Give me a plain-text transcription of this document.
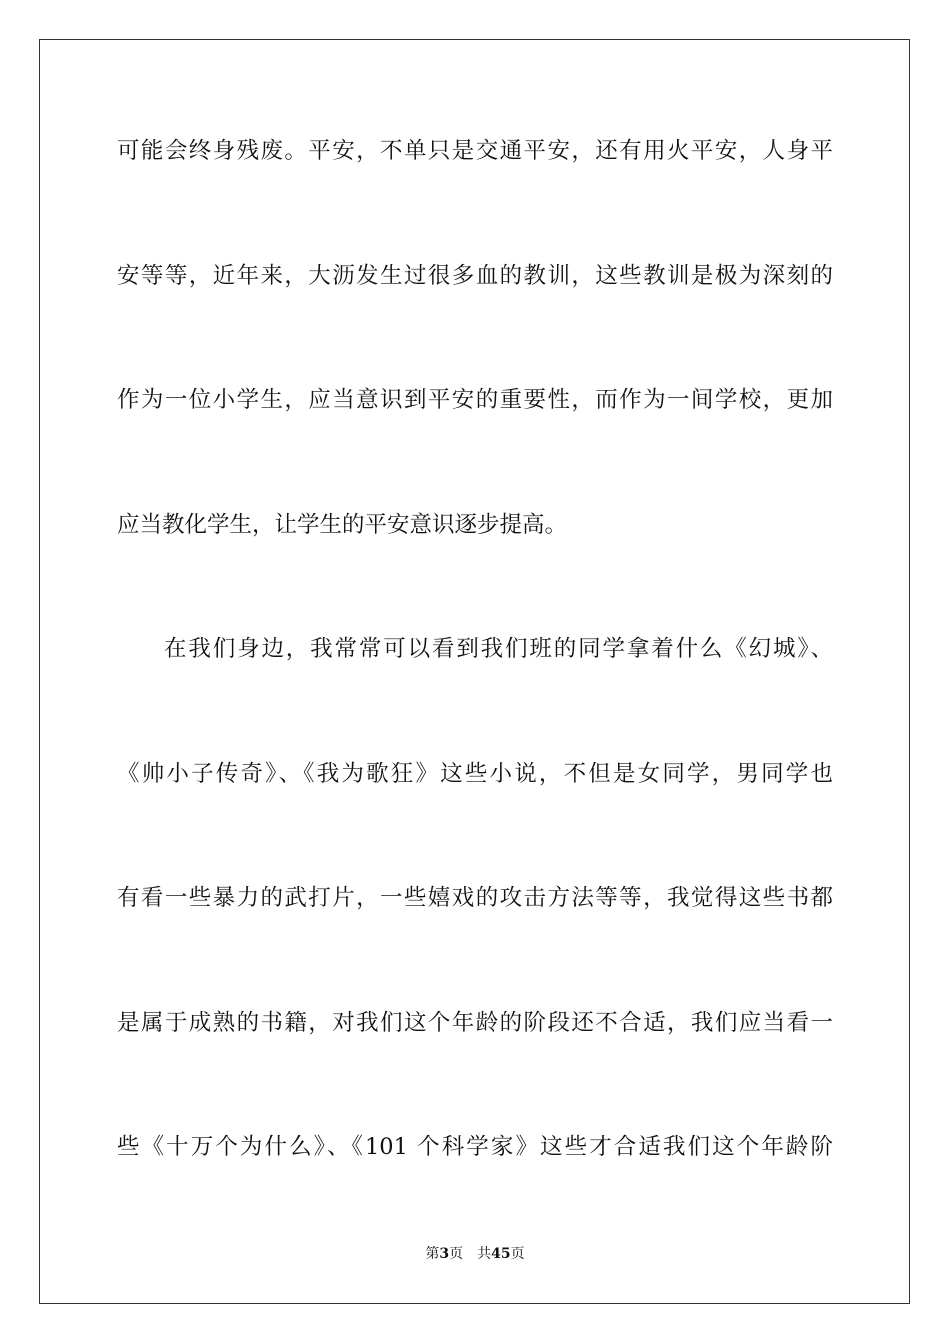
可能会终身残废。平安，不单只是交通平安，还有用火平安，人身平
安等等，近年来，大沥发生过很多血的教训，这些教训是极为深刻的
作为一位小学生，应当意识到平安的重要性，而作为一间学校，更加
应当教化学生，让学生的平安意识逐步提高。
在我们身边，我常常可以看到我们班的同学拿着什么《幻城》、
《帅小子传奇》、《我为歌狂》这些小说，不但是女同学，男同学也
有看一些暴力的武打片，一些嬉戏的攻击方法等等，我觉得这些书都
是属于成熟的书籍，对我们这个年龄的阶段还不合适，我们应当看一
些《十万个为什么》、《101 个科学家》这些才合适我们这个年龄阶
第3页 共45页
